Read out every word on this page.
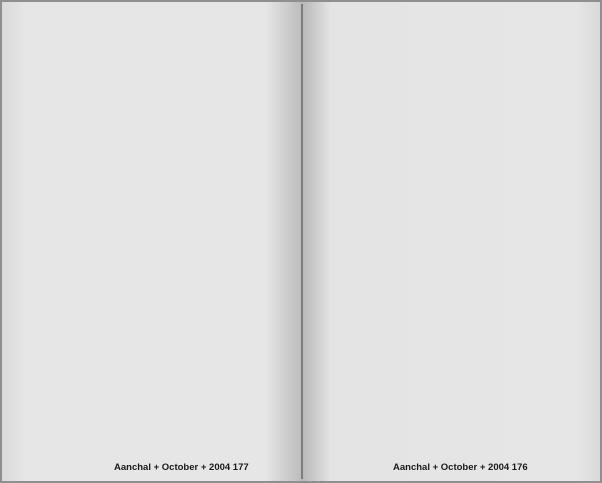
Aanchal + October + 2004 177	Aanchal + October + 2004 176
